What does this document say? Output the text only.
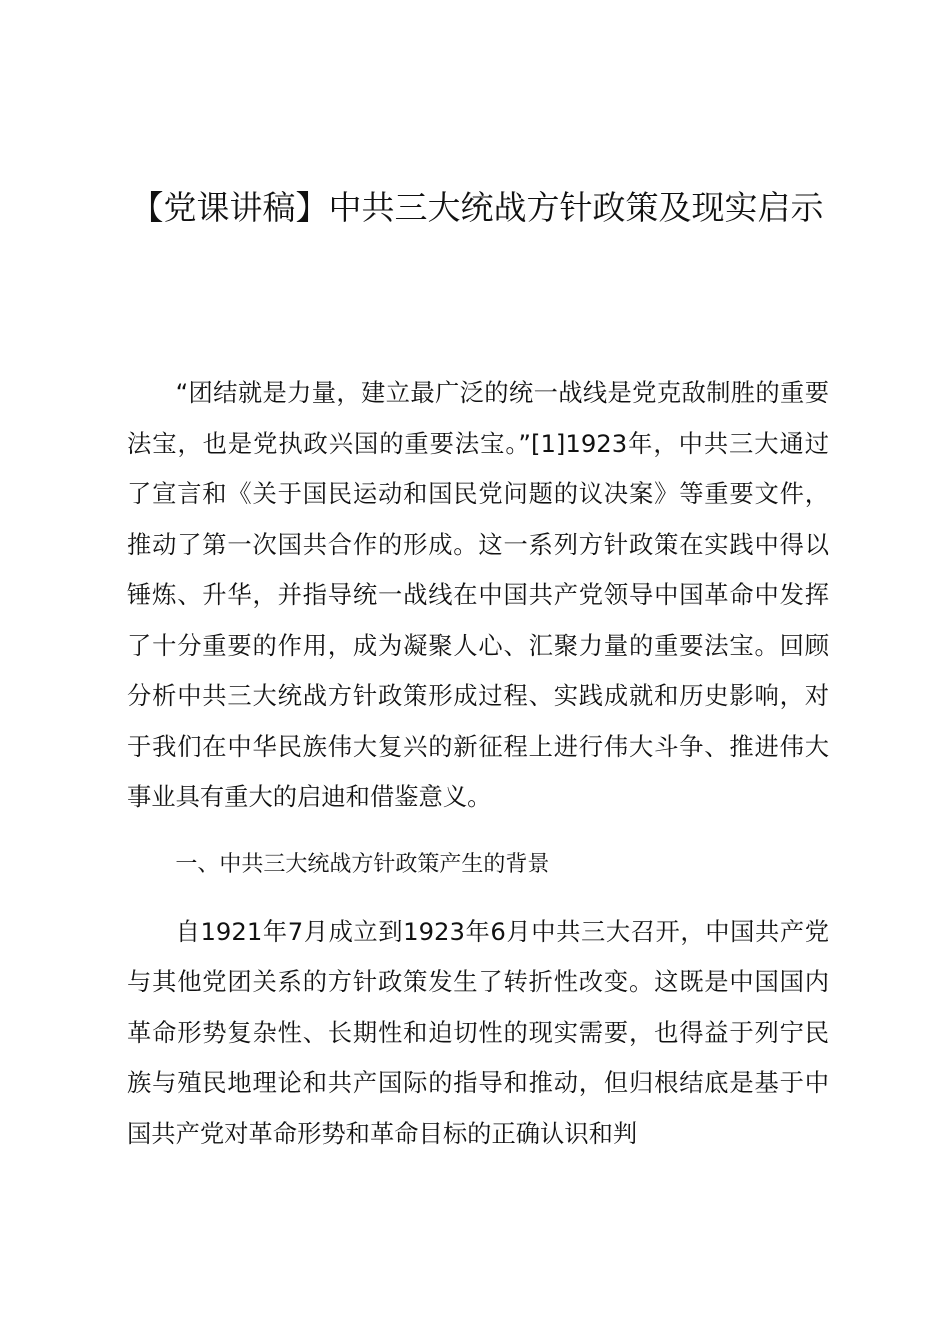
【党课讲稿】中共三大统战方针政策及现实启示

“团结就是力量，建立最广泛的统一战线是党克敌制胜的重要法宝，也是党执政兴国的重要法宝。”[1]1923年，中共三大通过了宣言和《关于国民运动和国民党问题的议决案》等重要文件，推动了第一次国共合作的形成。这一系列方针政策在实践中得以锤炼、升华，并指导统一战线在中国共产党领导中国革命中发挥了十分重要的作用，成为凝聚人心、汇聚力量的重要法宝。回顾分析中共三大统战方针政策形成过程、实践成就和历史影响，对于我们在中华民族伟大复兴的新征程上进行伟大斗争、推进伟大事业具有重大的启迪和借鉴意义。

一、中共三大统战方针政策产生的背景

自1921年7月成立到1923年6月中共三大召开，中国共产党与其他党团关系的方针政策发生了转折性改变。这既是中国国内革命形势复杂性、长期性和迫切性的现实需要，也得益于列宁民族与殖民地理论和共产国际的指导和推动，但归根结底是基于中国共产党对革命形势和革命目标的正确认识和判
